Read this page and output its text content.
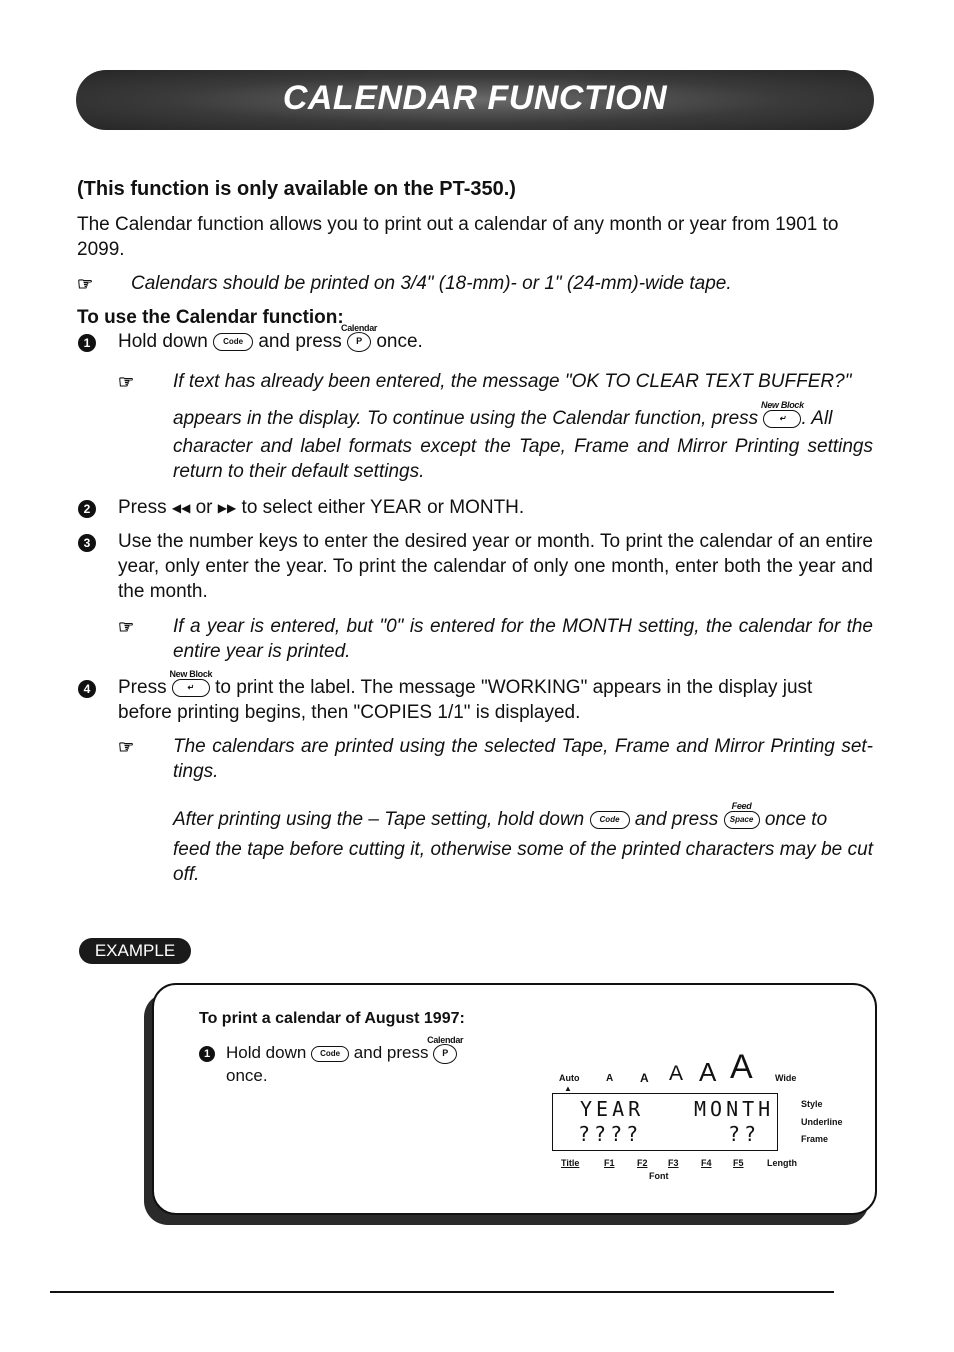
CALENDAR FUNCTION
(This function is only available on the PT-350.)
The Calendar function allows you to print out a calendar of any month or year from 1901 to 2099.
☞ Calendars should be printed on 3/4" (18-mm)- or 1" (24-mm)-wide tape.
To use the Calendar function:
1 Hold down Code and press
Calendar
P once.
☞ If text has already been entered, the message "OK TO CLEAR TEXT BUFFER?"
appears in the display. To continue using the Calendar function, press
New Block
↵ . All
character and label formats except the Tape, Frame and Mirror Printing settings return to their default settings.
2 Press ◀◀ or ▶▶ to select either YEAR or MONTH.
3 Use the number keys to enter the desired year or month. To print the calendar of an entire year, only enter the year. To print the calendar of only one month, enter both the year and the month.
☞ If a year is entered, but "0" is entered for the MONTH setting, the calendar for the entire year is printed.
4 Press
New Block
↵ to print the label. The message "WORKING" appears in the display just
before printing begins, then "COPIES 1/1" is displayed.
☞ The calendars are printed using the selected Tape, Frame and Mirror Printing set-tings.
After printing using the – Tape setting, hold down Code and press
Feed
Space once to
feed the tape before cutting it, otherwise some of the printed characters may be cut off.
EXAMPLE
To print a calendar of August 1997:
1 Hold down Code and press
Calendar
P
once.	Auto	A A A A A Wide
▲
YEAR MONTH
????	??
Style
Underline
Frame
Title	F1 F2 F3 F4 F5	Length
Font
